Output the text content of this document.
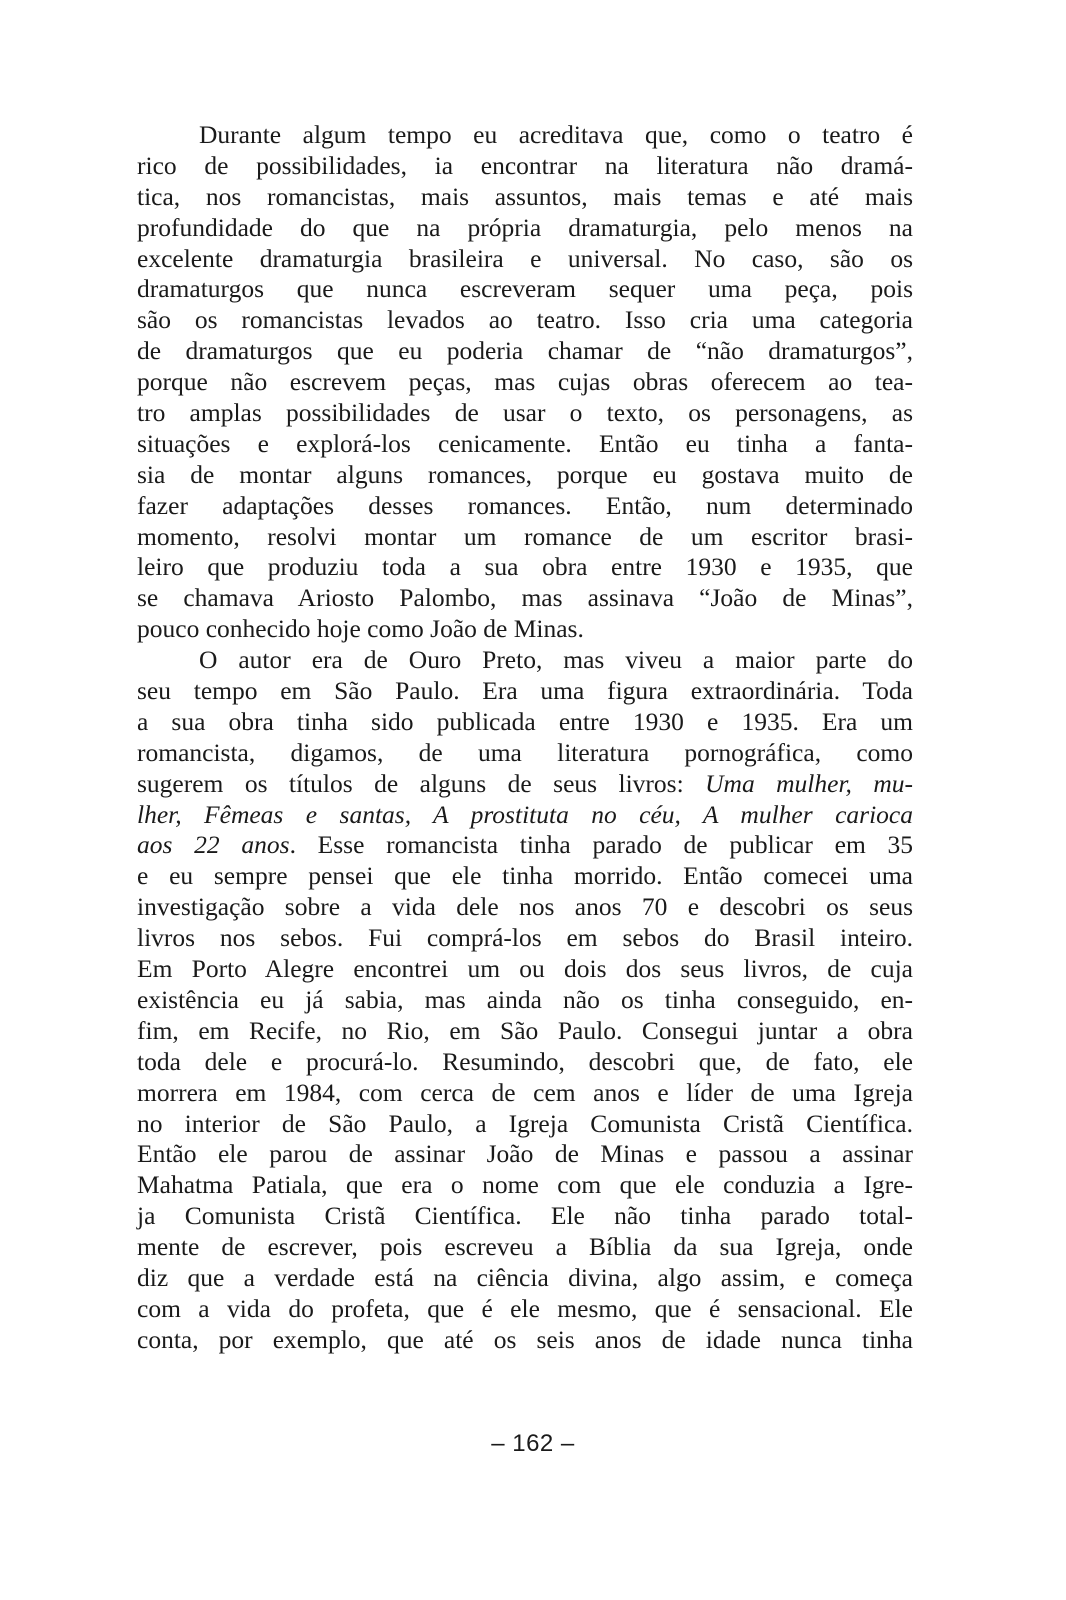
Durante algum tempo eu acreditava que, como o teatro é
rico de possibilidades, ia encontrar na literatura não dramá-
tica, nos romancistas, mais assuntos, mais temas e até mais
profundidade do que na própria dramaturgia, pelo menos na
excelente dramaturgia brasileira e universal. No caso, são os
dramaturgos que nunca escreveram sequer uma peça, pois
são os romancistas levados ao teatro. Isso cria uma categoria
de dramaturgos que eu poderia chamar de “não dramaturgos”,
porque não escrevem peças, mas cujas obras oferecem ao tea-
tro amplas possibilidades de usar o texto, os personagens, as
situações e explorá-los cenicamente. Então eu tinha a fanta-
sia de montar alguns romances, porque eu gostava muito de
fazer adaptações desses romances. Então, num determinado
momento, resolvi montar um romance de um escritor brasi-
leiro que produziu toda a sua obra entre 1930 e 1935, que
se chamava Ariosto Palombo, mas assinava “João de Minas”,
pouco conhecido hoje como João de Minas.
O autor era de Ouro Preto, mas viveu a maior parte do
seu tempo em São Paulo. Era uma figura extraordinária. Toda
a sua obra tinha sido publicada entre 1930 e 1935. Era um
romancista, digamos, de uma literatura pornográfica, como
sugerem os títulos de alguns de seus livros: Uma mulher, mu-
lher, Fêmeas e santas, A prostituta no céu, A mulher carioca
aos 22 anos. Esse romancista tinha parado de publicar em 35
e eu sempre pensei que ele tinha morrido. Então comecei uma
investigação sobre a vida dele nos anos 70 e descobri os seus
livros nos sebos. Fui comprá-los em sebos do Brasil inteiro.
Em Porto Alegre encontrei um ou dois dos seus livros, de cuja
existência eu já sabia, mas ainda não os tinha conseguido, en-
fim, em Recife, no Rio, em São Paulo. Consegui juntar a obra
toda dele e procurá-lo. Resumindo, descobri que, de fato, ele
morrera em 1984, com cerca de cem anos e líder de uma Igreja
no interior de São Paulo, a Igreja Comunista Cristã Científica.
Então ele parou de assinar João de Minas e passou a assinar
Mahatma Patiala, que era o nome com que ele conduzia a Igre-
ja Comunista Cristã Científica. Ele não tinha parado total-
mente de escrever, pois escreveu a Bíblia da sua Igreja, onde
diz que a verdade está na ciência divina, algo assim, e começa
com a vida do profeta, que é ele mesmo, que é sensacional. Ele
conta, por exemplo, que até os seis anos de idade nunca tinha
– 162 –
